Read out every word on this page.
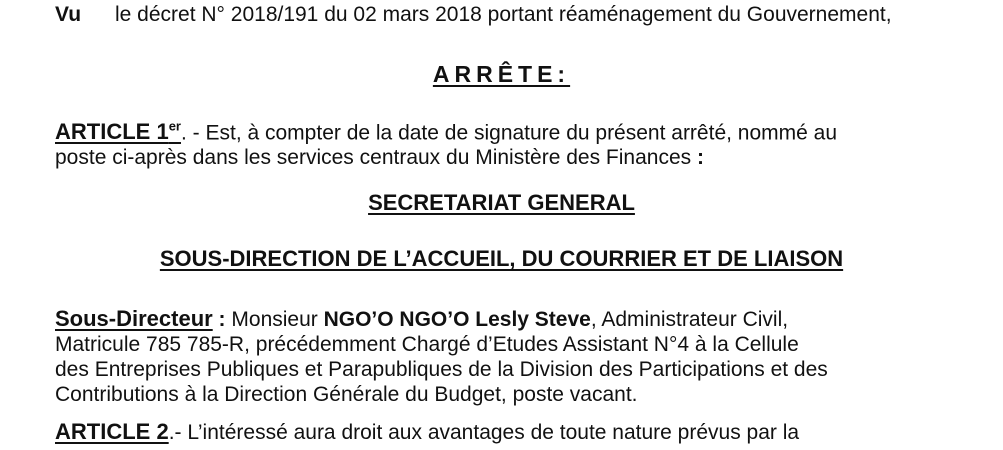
Vu le décret N° 2018/191 du 02 mars 2018 portant réaménagement du Gouvernement,
ARRÊTE:
ARTICLE 1er. - Est, à compter de la date de signature du présent arrêté, nommé au
poste ci-après dans les services centraux du Ministère des Finances :
SECRETARIAT GENERAL
SOUS-DIRECTION DE L’ACCUEIL, DU COURRIER ET DE LIAISON
Sous-Directeur : Monsieur NGO’O NGO’O Lesly Steve, Administrateur Civil,
Matricule 785 785-R, précédemment Chargé d’Etudes Assistant N°4 à la Cellule
des Entreprises Publiques et Parapubliques de la Division des Participations et des
Contributions à la Direction Générale du Budget, poste vacant.
ARTICLE 2.- L’intéressé aura droit aux avantages de toute nature prévus par la
